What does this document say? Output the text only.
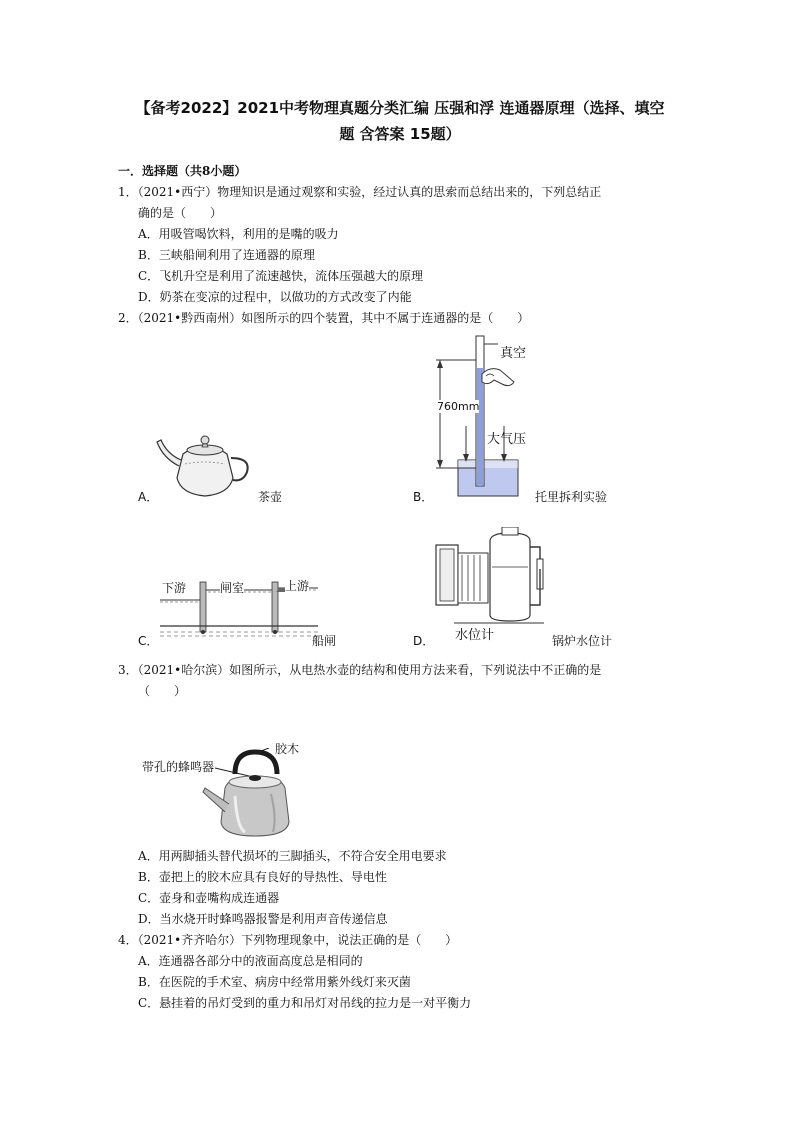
【备考2022】2021中考物理真题分类汇编 压强和浮 连通器原理（选择、填空
题 含答案 15题）
一．选择题（共8小题）
1．（2021•西宁）物理知识是通过观察和实验，经过认真的思索而总结出来的，下列总结正
确的是（　　）
A．用吸管喝饮料，利用的是嘴的吸力
B．三峡船闸利用了连通器的原理
C．飞机升空是利用了流速越快，流体压强越大的原理
D．奶茶在变凉的过程中，以做功的方式改变了内能
2．（2021•黔西南州）如图所示的四个装置，其中不属于连通器的是（　　）
A．	茶壶
真空
760mm
大气压
B．	托里拆利实验
下游	闸室	上游
C．	船闸	水位计
D．	锅炉水位计
3．（2021•哈尔滨）如图所示，从电热水壶的结构和使用方法来看，下列说法中不正确的是
（　　）
胶木
带孔的蜂鸣器
A．用两脚插头替代损坏的三脚插头，不符合安全用电要求
B．壶把上的胶木应具有良好的导热性、导电性
C．壶身和壶嘴构成连通器
D．当水烧开时蜂鸣器报警是利用声音传递信息
4．（2021•齐齐哈尔）下列物理现象中，说法正确的是（　　）
A．连通器各部分中的液面高度总是相同的
B．在医院的手术室、病房中经常用紫外线灯来灭菌
C．悬挂着的吊灯受到的重力和吊灯对吊线的拉力是一对平衡力
